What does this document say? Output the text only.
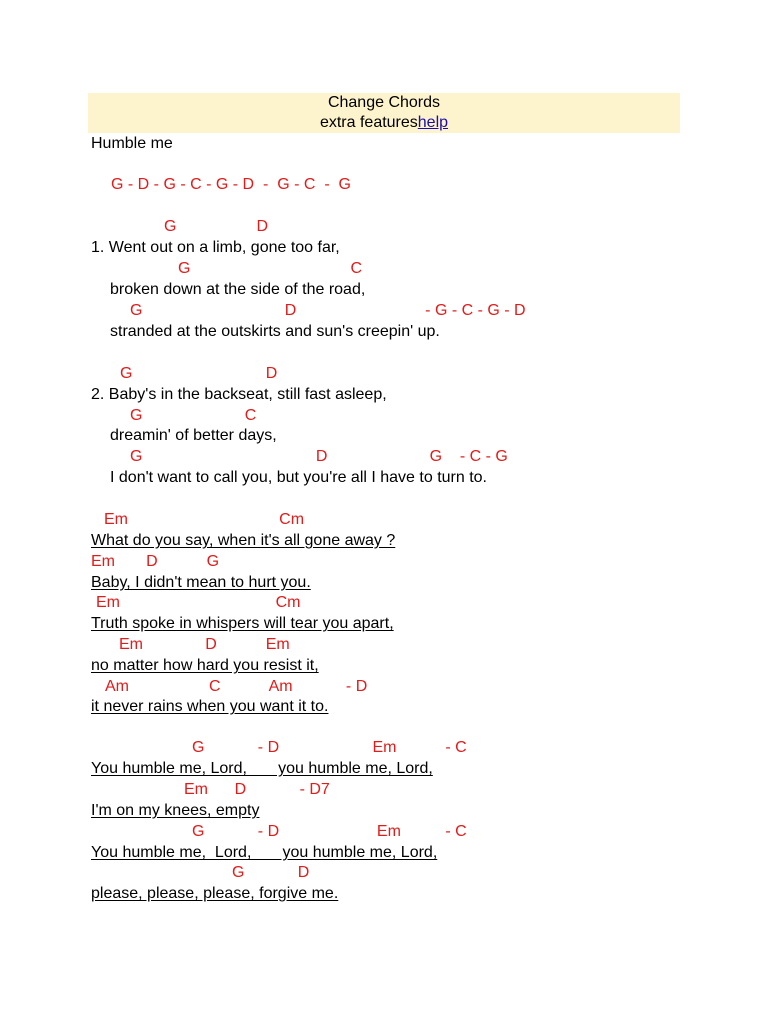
Change Chords
extra featureshelp
Humble me
G - D - G - C - G - D  -  G - C  -  G
G                  D
1. Went out on a limb, gone too far,
G                                    C
broken down at the side of the road,
G                                D                             - G - C - G - D
stranded at the outskirts and sun's creepin' up.
G                              D
2. Baby's in the backseat, still fast asleep,
G                       C
dreamin' of better days,
G                                       D                       G    - C - G
I don't want to call you, but you're all I have to turn to.
Em                                  Cm
What do you say, when it's all gone away ?
Em       D           G
Baby, I didn't mean to hurt you.
Em                                   Cm
Truth spoke in whispers will tear you apart,
Em              D           Em
no matter how hard you resist it,
Am                  C           Am            - D
it never rains when you want it to.
G            - D                     Em           - C
You humble me, Lord,       you humble me, Lord,
Em      D            - D7
I'm on my knees, empty
G            - D                      Em          - C
You humble me,  Lord,       you humble me, Lord,
G            D
please, please, please, forgive me.
